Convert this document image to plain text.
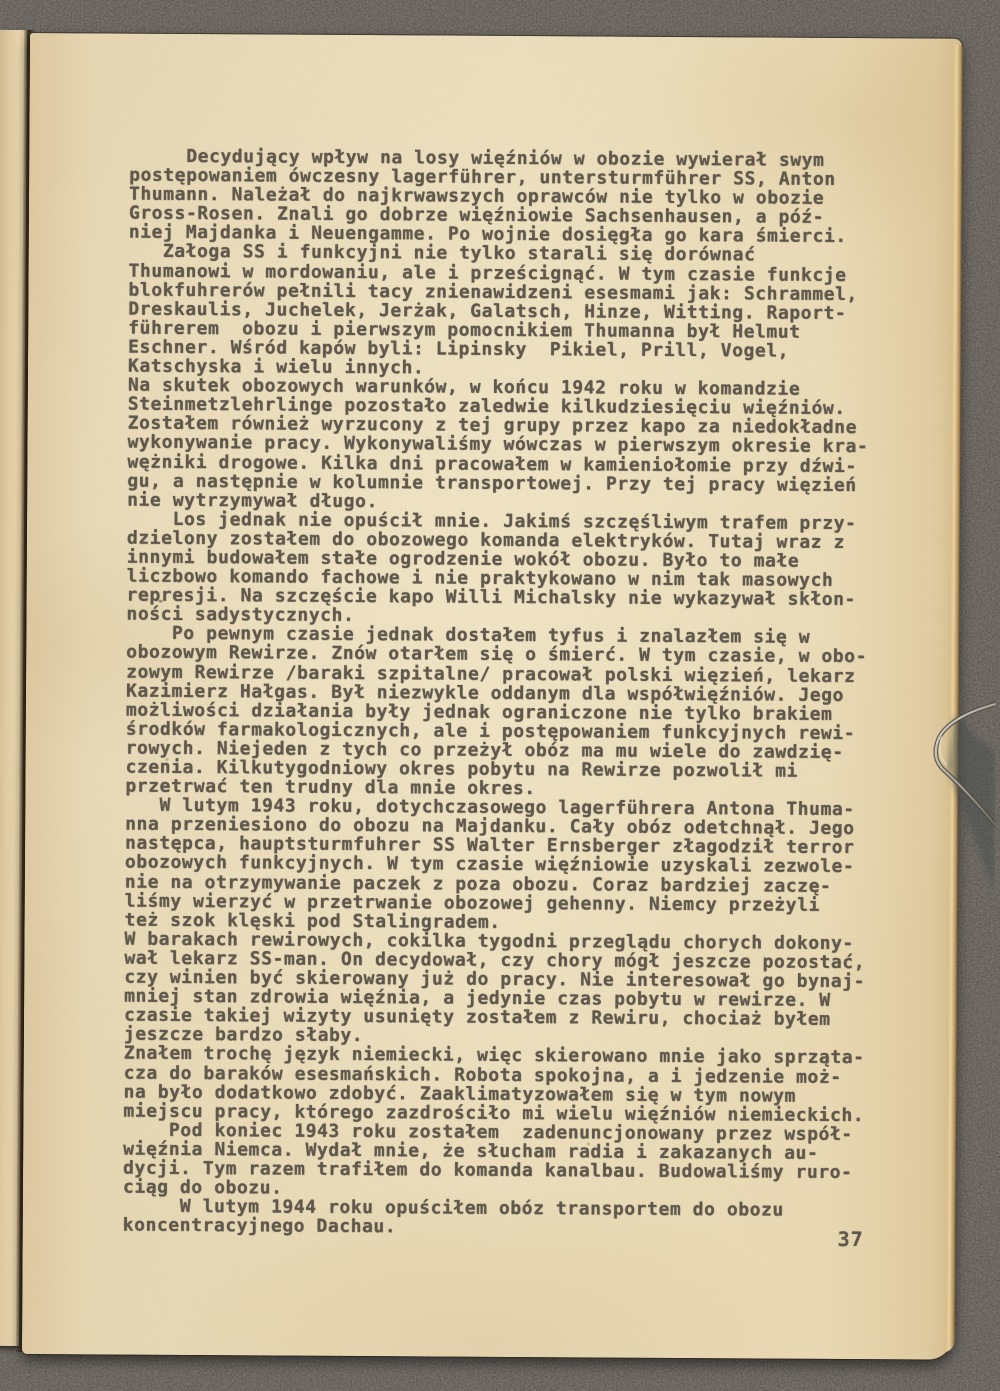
Decydujący wpływ na losy więźniów w obozie wywierał swym
postępowaniem ówczesny lagerführer, untersturmführer SS, Anton
Thumann. Należał do najkrwawszych oprawców nie tylko w obozie
Gross-Rosen. Znali go dobrze więźniowie Sachsenhausen, a póź-
niej Majdanka i Neuengamme. Po wojnie dosięgła go kara śmierci.
Załoga SS i funkcyjni nie tylko starali się dorównać
Thumanowi w mordowaniu, ale i prześcignąć. W tym czasie funkcje
blokfuhrerów pełnili tacy znienawidzeni esesmami jak: Schrammel,
Dreskaulis, Juchelek, Jerżak, Galatsch, Hinze, Witting. Raport-
führerem  obozu i pierwszym pomocnikiem Thumanna był Helmut
Eschner. Wśród kapów byli: Lipinsky  Pikiel, Prill, Vogel,
Katschyska i wielu innych.
Na skutek obozowych warunków, w końcu 1942 roku w komandzie
Steinmetzlehrlinge pozostało zaledwie kilkudziesięciu więźniów.
Zostałem również wyrzucony z tej grupy przez kapo za niedokładne
wykonywanie pracy. Wykonywaliśmy wówczas w pierwszym okresie kra-
wężniki drogowe. Kilka dni pracowałem w kamieniołomie przy dźwi-
gu, a następnie w kolumnie transportowej. Przy tej pracy więzień
nie wytrzymywał długo.
Los jednak nie opuścił mnie. Jakimś szczęśliwym trafem przy-
dzielony zostałem do obozowego komanda elektryków. Tutaj wraz z
innymi budowałem stałe ogrodzenie wokół obozu. Było to małe
liczbowo komando fachowe i nie praktykowano w nim tak masowych
represji. Na szczęście kapo Willi Michalsky nie wykazywał skłon-
ności sadystycznych.
Po pewnym czasie jednak dostałem tyfus i znalazłem się w
obozowym Rewirze. Znów otarłem się o śmierć. W tym czasie, w obo-
zowym Rewirze /baraki szpitalne/ pracował polski więzień, lekarz
Kazimierz Hałgas. Był niezwykle oddanym dla współwięźniów. Jego
możliwości działania były jednak ograniczone nie tylko brakiem
środków farmakologicznych, ale i postępowaniem funkcyjnych rewi-
rowych. Niejeden z tych co przeżył obóz ma mu wiele do zawdzię-
czenia. Kilkutygodniowy okres pobytu na Rewirze pozwolił mi
przetrwać ten trudny dla mnie okres.
W lutym 1943 roku, dotychczasowego lagerführera Antona Thuma-
nna przeniesiono do obozu na Majdanku. Cały obóz odetchnął. Jego
następca, hauptsturmfuhrer SS Walter Ernsberger złagodził terror
obozowych funkcyjnych. W tym czasie więźniowie uzyskali zezwole-
nie na otrzymywanie paczek z poza obozu. Coraz bardziej zaczę-
liśmy wierzyć w przetrwanie obozowej gehenny. Niemcy przeżyli
też szok klęski pod Stalingradem.
W barakach rewirowych, cokilka tygodni przeglądu chorych dokony-
wał lekarz SS-man. On decydował, czy chory mógł jeszcze pozostać,
czy winien być skierowany już do pracy. Nie interesował go bynaj-
mniej stan zdrowia więźnia, a jedynie czas pobytu w rewirze. W
czasie takiej wizyty usunięty zostałem z Rewiru, chociaż byłem
jeszcze bardzo słaby.
Znałem trochę język niemiecki, więc skierowano mnie jako sprząta-
cza do baraków esesmańskich. Robota spokojna, a i jedzenie moż-
na było dodatkowo zdobyć. Zaaklimatyzowałem się w tym nowym
miejscu pracy, którego zazdrościło mi wielu więźniów niemieckich.
Pod koniec 1943 roku zostałem  zadenuncjonowany przez współ-
więźnia Niemca. Wydał mnie, że słucham radia i zakazanych au-
dycji. Tym razem trafiłem do komanda kanalbau. Budowaliśmy ruro-
ciąg do obozu.
W lutym 1944 roku opuściłem obóz transportem do obozu
koncentracyjnego Dachau.
37
